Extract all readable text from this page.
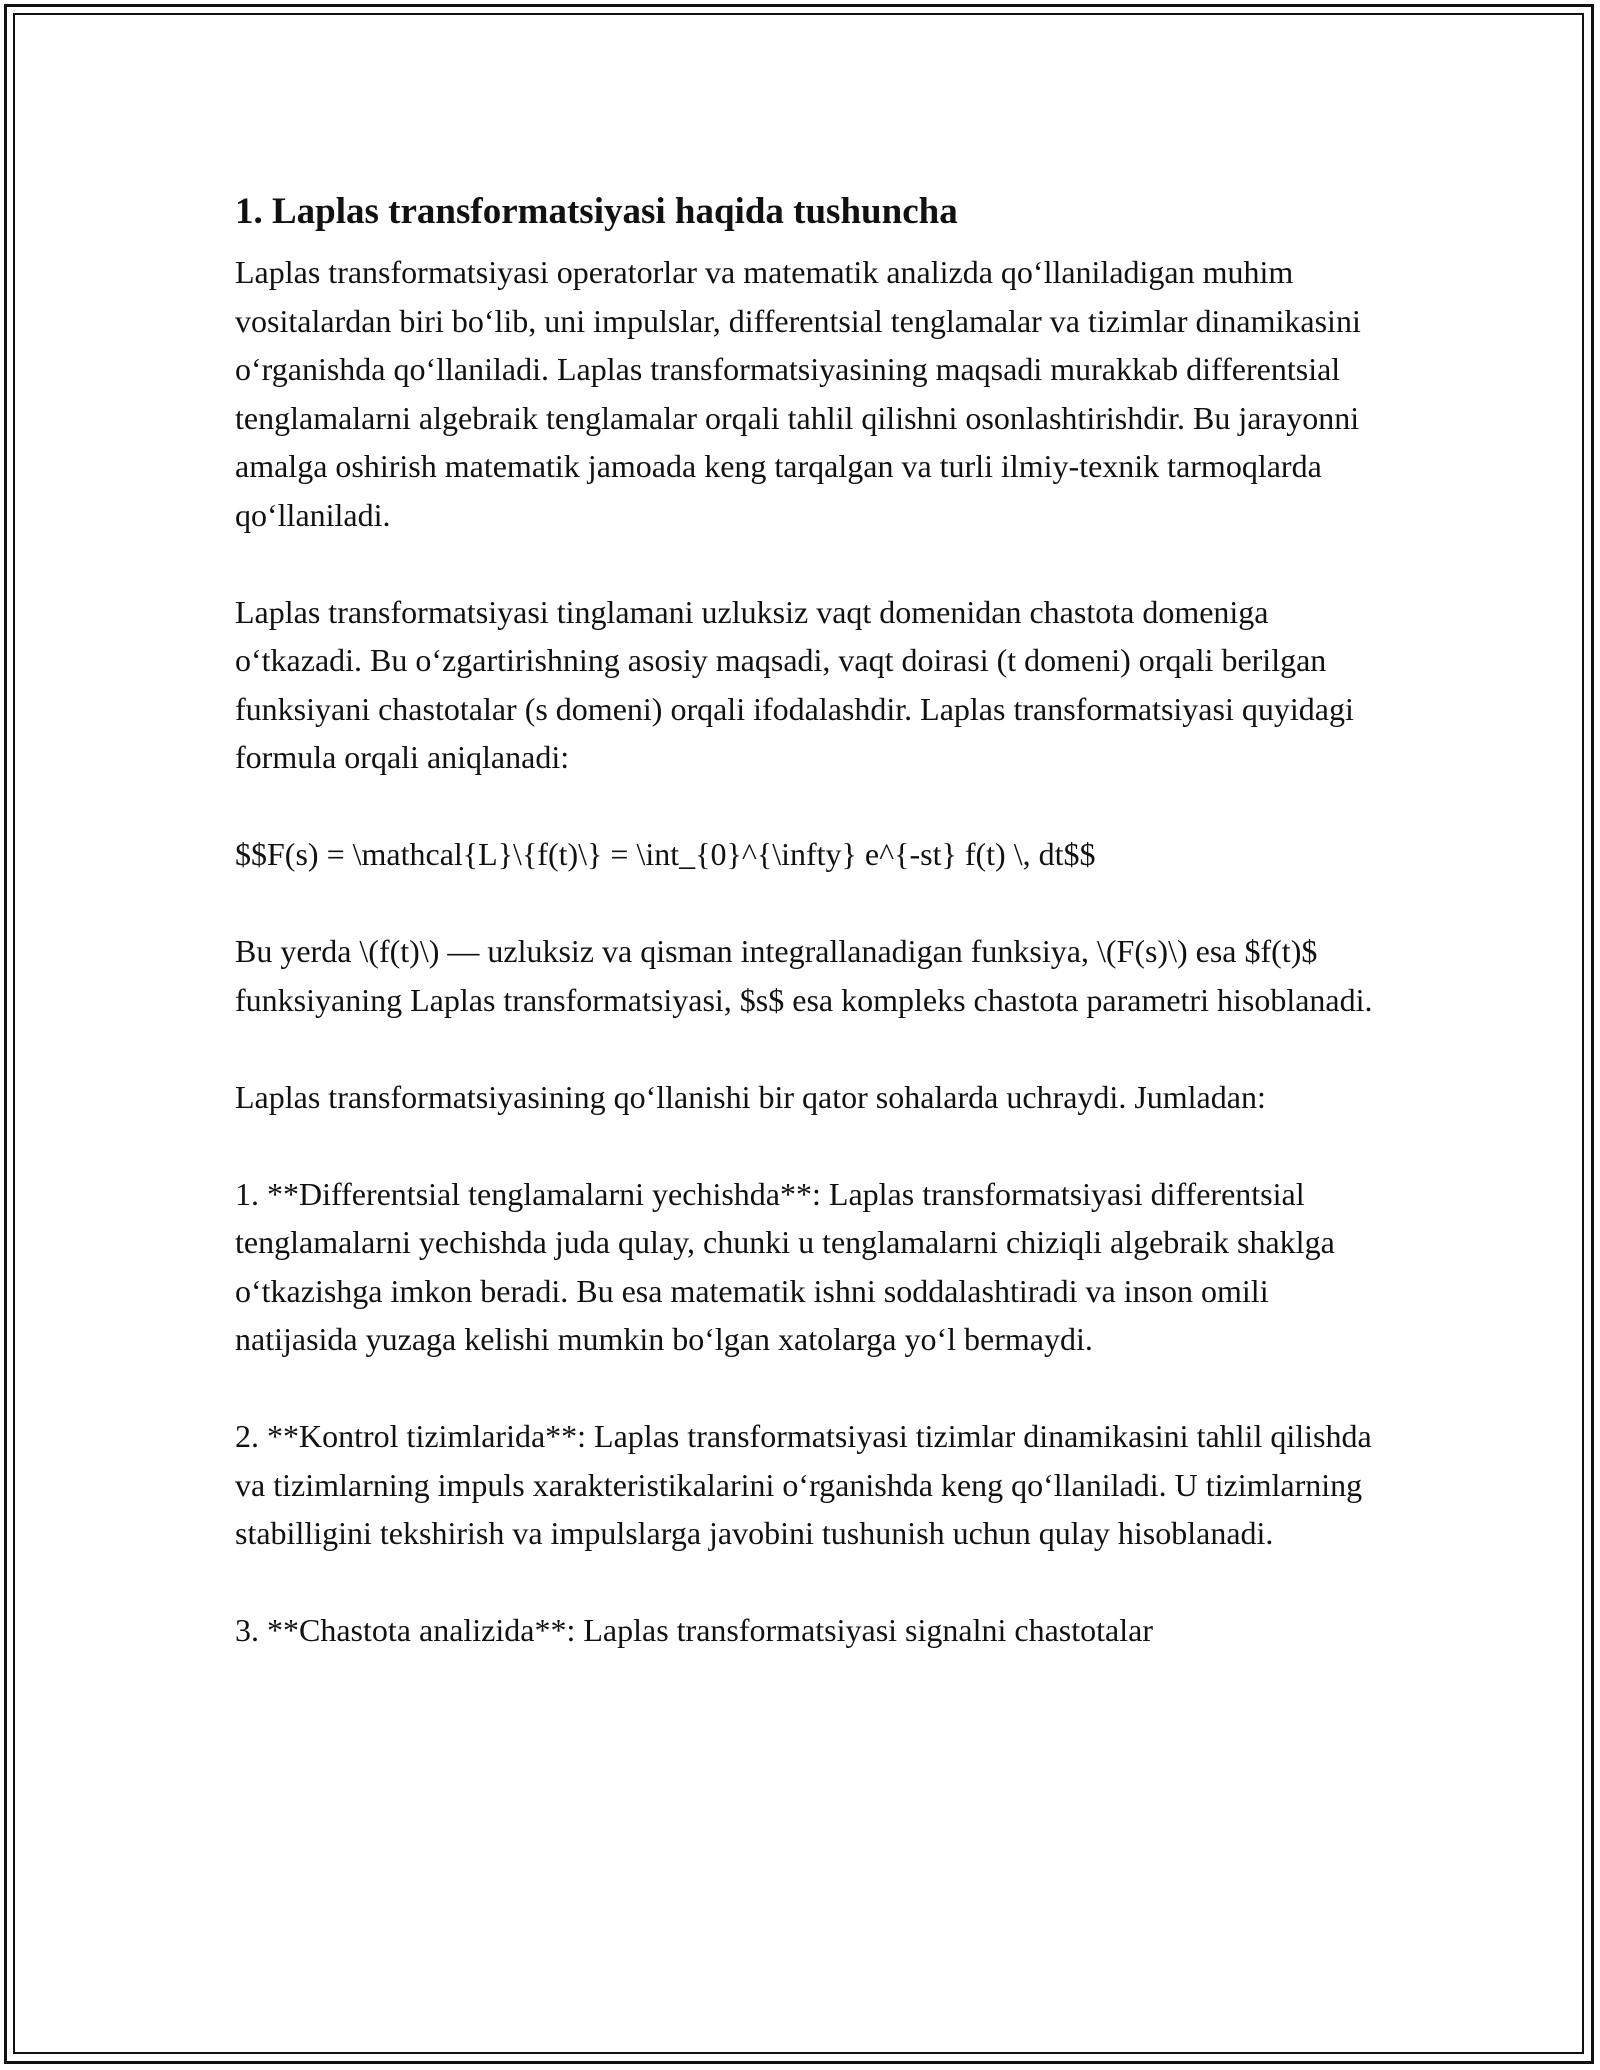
1. Laplas transformatsiyasi haqida tushuncha

Laplas transformatsiyasi operatorlar va matematik analizda qo‘llaniladigan muhim vositalardan biri bo‘lib, uni impulslar, differentsial tenglamalar va tizimlar dinamikasini o‘rganishda qo‘llaniladi. Laplas transformatsiyasining maqsadi murakkab differentsial tenglamalarni algebraik tenglamalar orqali tahlil qilishni osonlashtirishdir. Bu jarayonni amalga oshirish matematik jamoada keng tarqalgan va turli ilmiy-texnik tarmoqlarda qo‘llaniladi.

Laplas transformatsiyasi tinglamani uzluksiz vaqt domenidan chastota domeniga o‘tkazadi. Bu o‘zgartirishning asosiy maqsadi, vaqt doirasi (t domeni) orqali berilgan funksiyani chastotalar (s domeni) orqali ifodalashdir. Laplas transformatsiyasi quyidagi formula orqali aniqlanadi:

$$F(s) = \mathcal{L}\{f(t)\} = \int_{0}^{\infty} e^{-st} f(t) \, dt$$

Bu yerda \(f(t)\) — uzluksiz va qisman integrallanadigan funksiya, \(F(s)\) esa $f(t)$ funksiyaning Laplas transformatsiyasi, $s$ esa kompleks chastota parametri hisoblanadi.

Laplas transformatsiyasining qo‘llanishi bir qator sohalarda uchraydi. Jumladan:

1. **Differentsial tenglamalarni yechishda**: Laplas transformatsiyasi differentsial tenglamalarni yechishda juda qulay, chunki u tenglamalarni chiziqli algebraik shaklga o‘tkazishga imkon beradi. Bu esa matematik ishni soddalashtiradi va inson omili natijasida yuzaga kelishi mumkin bo‘lgan xatolarga yo‘l bermaydi.

2. **Kontrol tizimlarida**: Laplas transformatsiyasi tizimlar dinamikasini tahlil qilishda va tizimlarning impuls xarakteristikalarini o‘rganishda keng qo‘llaniladi. U tizimlarning stabilligini tekshirish va impulslarga javobini tushunish uchun qulay hisoblanadi.

3. **Chastota analizida**: Laplas transformatsiyasi signalni chastotalar
